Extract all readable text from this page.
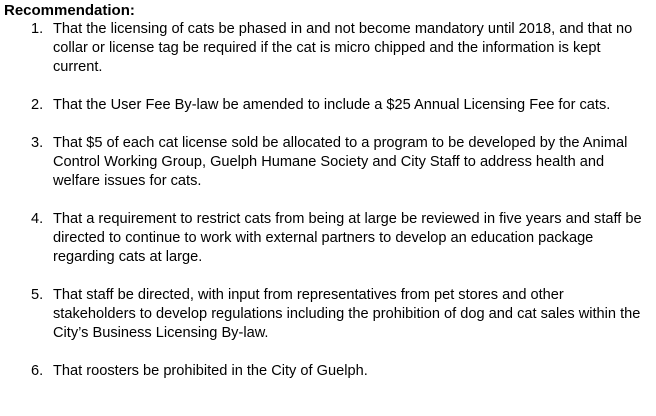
Recommendation:
1. That the licensing of cats be phased in and not become mandatory until 2018, and that no collar or license tag be required if the cat is micro chipped and the information is kept current.
2. That the User Fee By-law be amended to include a $25 Annual Licensing Fee for cats.
3. That $5 of each cat license sold be allocated to a program to be developed by the Animal Control Working Group, Guelph Humane Society and City Staff to address health and welfare issues for cats.
4. That a requirement to restrict cats from being at large be reviewed in five years and staff be directed to continue to work with external partners to develop an education package regarding cats at large.
5. That staff be directed, with input from representatives from pet stores and other stakeholders to develop regulations including the prohibition of dog and cat sales within the City’s Business Licensing By-law.
6. That roosters be prohibited in the City of Guelph.
